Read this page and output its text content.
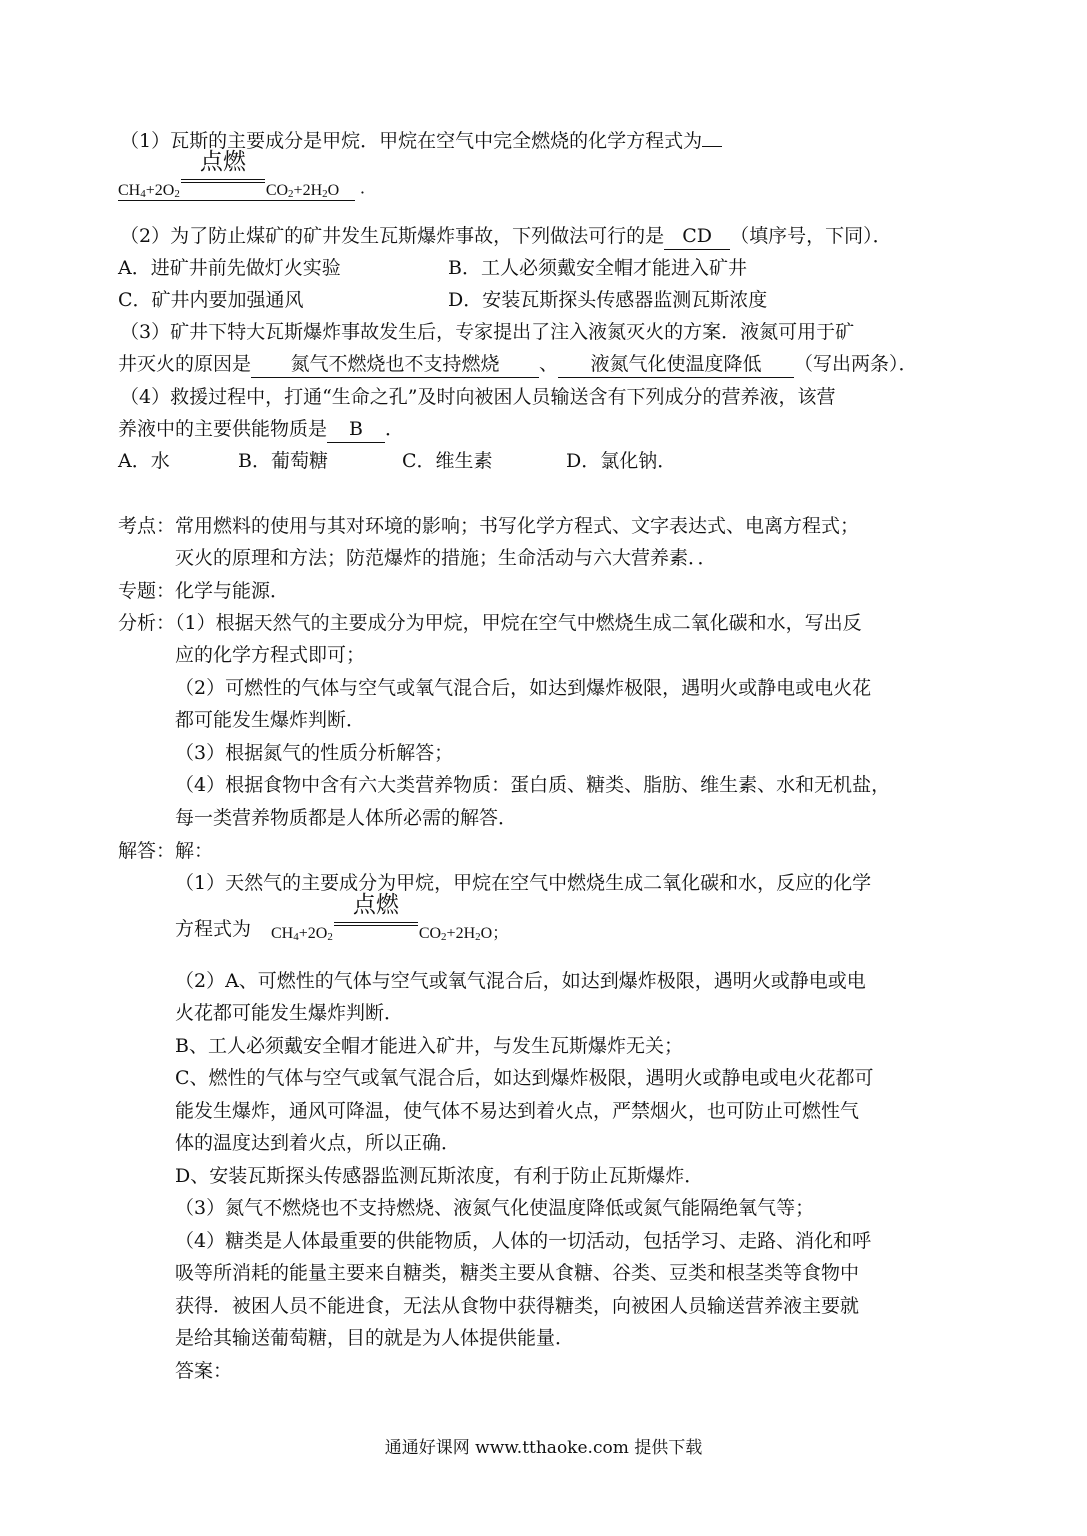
（1）瓦斯的主要成分是甲烷．甲烷在空气中完全燃烧的化学方程式为
$CH_4+2O_2$
点燃
$CO_2+2H_2O$	．
（2）为了防止煤矿的矿井发生瓦斯爆炸事故，下列做法可行的是 CD （填序号，下同）．
A．进矿井前先做灯火实验	B．工人必须戴安全帽才能进入矿井
C．矿井内要加强通风	D．安装瓦斯探头传感器监测瓦斯浓度
（3）矿井下特大瓦斯爆炸事故发生后，专家提出了注入液氮灭火的方案．液氮可用于矿
井灭火的原因是 氮气不燃烧也不支持燃烧 、 液氮气化使温度降低 （写出两条）．
（4）救援过程中，打通“生命之孔”及时向被困人员输送含有下列成分的营养液，该营
养液中的主要供能物质是 B ．
A．水	B．葡萄糖	C．维生素	D．氯化钠．
考点：常用燃料的使用与其对环境的影响；书写化学方程式、文字表达式、电离方程式；
灭火的原理和方法；防范爆炸的措施；生命活动与六大营养素．．
专题：化学与能源．
分析：（1）根据天然气的主要成分为甲烷，甲烷在空气中燃烧生成二氧化碳和水，写出反
应的化学方程式即可；
（2）可燃性的气体与空气或氧气混合后，如达到爆炸极限，遇明火或静电或电火花
都可能发生爆炸判断．
（3）根据氮气的性质分析解答；
（4）根据食物中含有六大类营养物质：蛋白质、糖类、脂肪、维生素、水和无机盐，
每一类营养物质都是人体所必需的解答．
解答：解：
（1）天然气的主要成分为甲烷，甲烷在空气中燃烧生成二氧化碳和水，反应的化学
方程式为 $CH_4+2O_2$
点燃
$CO_2+2H_2O$；
（2）A、可燃性的气体与空气或氧气混合后，如达到爆炸极限，遇明火或静电或电
火花都可能发生爆炸判断．
B、工人必须戴安全帽才能进入矿井，与发生瓦斯爆炸无关；
C、燃性的气体与空气或氧气混合后，如达到爆炸极限，遇明火或静电或电火花都可
能发生爆炸，通风可降温，使气体不易达到着火点，严禁烟火，也可防止可燃性气
体的温度达到着火点，所以正确．
D、安装瓦斯探头传感器监测瓦斯浓度，有利于防止瓦斯爆炸．
（3）氮气不燃烧也不支持燃烧、液氮气化使温度降低或氮气能隔绝氧气等；
（4）糖类是人体最重要的供能物质，人体的一切活动，包括学习、走路、消化和呼
吸等所消耗的能量主要来自糖类，糖类主要从食糖、谷类、豆类和根茎类等食物中
获得．被困人员不能进食，无法从食物中获得糖类，向被困人员输送营养液主要就
是给其输送葡萄糖，目的就是为人体提供能量．
答案：
通通好课网 www.tthaoke.com 提供下载
